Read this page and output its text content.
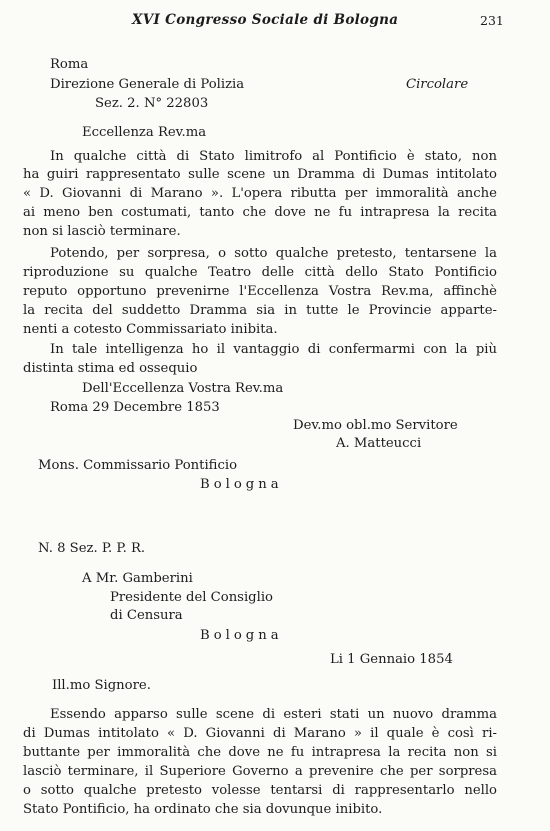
XVI Congresso Sociale di Bologna	231
Roma
Direzione Generale di Polizia	Circolare
Sez. 2. N° 22803
Eccellenza Rev.ma
In qualche città di Stato limitrofo al Pontificio è stato, non
ha guiri rappresentato sulle scene un Dramma di Dumas intitolato
« D. Giovanni di Marano ». L'opera ributta per immoralità anche
ai meno ben costumati, tanto che dove ne fu intrapresa la recita
non si lasciò terminare.
Potendo, per sorpresa, o sotto qualche pretesto, tentarsene la
riproduzione su qualche Teatro delle città dello Stato Pontificio
reputo opportuno prevenirne l'Eccellenza Vostra Rev.ma, affinchè
la recita del suddetto Dramma sia in tutte le Provincie apparte-
nenti a cotesto Commissariato inibita.
In tale intelligenza ho il vantaggio di confermarmi con la più
distinta stima ed ossequio
Dell'Eccellenza Vostra Rev.ma
Roma 29 Decembre 1853
Dev.mo obl.mo Servitore
A. Matteucci
Mons. Commissario Pontificio
Bologna
N. 8 Sez. P. P. R.
A Mr. Gamberini
Presidente del Consiglio
di Censura
Bologna
Li 1 Gennaio 1854
Ill.mo Signore.
Essendo apparso sulle scene di esteri stati un nuovo dramma
di Dumas intitolato « D. Giovanni di Marano » il quale è così ri-
buttante per immoralità che dove ne fu intrapresa la recita non si
lasciò terminare, il Superiore Governo a prevenire che per sorpresa
o sotto qualche pretesto volesse tentarsi di rappresentarlo nello
Stato Pontificio, ha ordinato che sia dovunque inibito.
